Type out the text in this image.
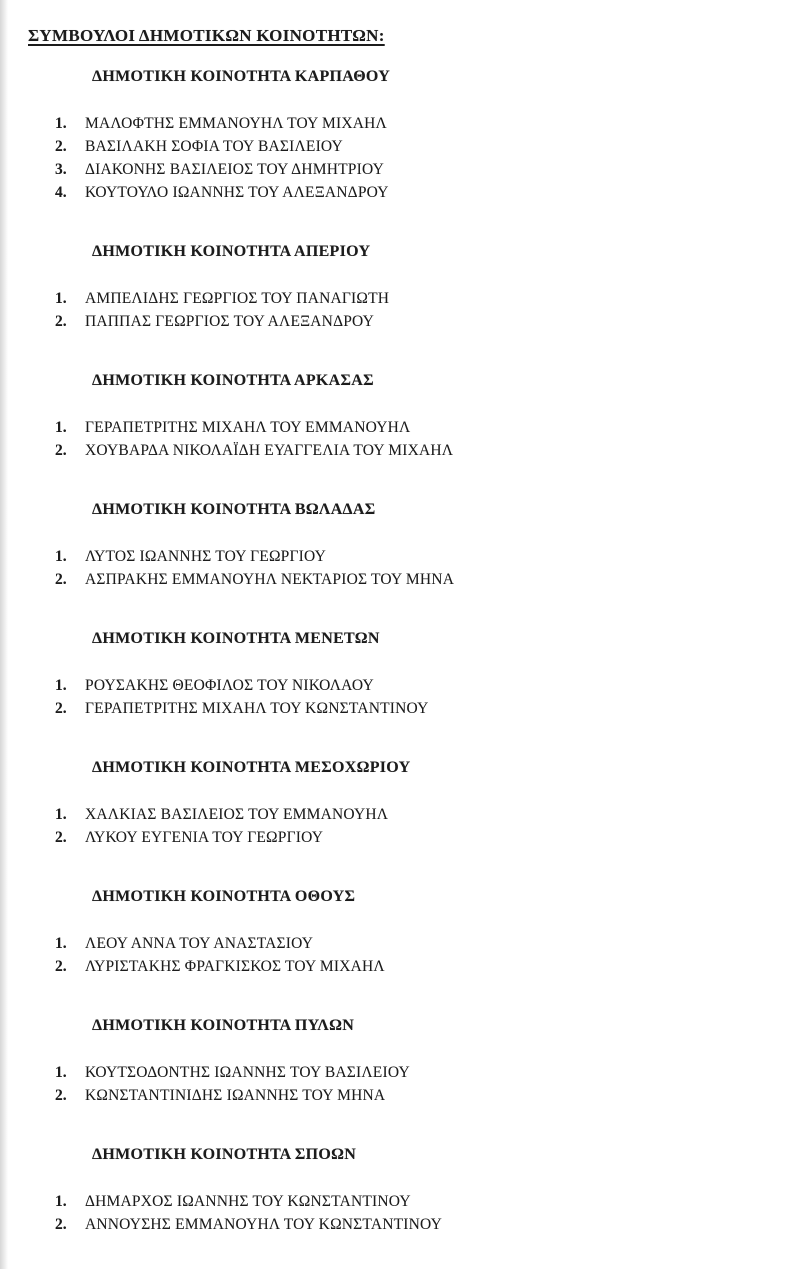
ΣΥΜΒΟΥΛΟΙ ΔΗΜΟΤΙΚΩΝ ΚΟΙΝΟΤΗΤΩΝ:
ΔΗΜΟΤΙΚΗ ΚΟΙΝΟΤΗΤΑ ΚΑΡΠΑΘΟΥ
1.	ΜΑΛΟΦΤΗΣ ΕΜΜΑΝΟΥΗΛ ΤΟΥ ΜΙΧΑΗΛ
2.	ΒΑΣΙΛΑΚΗ ΣΟΦΙΑ ΤΟΥ ΒΑΣΙΛΕΙΟΥ
3.	ΔΙΑΚΟΝΗΣ ΒΑΣΙΛΕΙΟΣ ΤΟΥ ΔΗΜΗΤΡΙΟΥ
4.	ΚΟΥΤΟΥΛΟ ΙΩΑΝΝΗΣ ΤΟΥ ΑΛΕΞΑΝΔΡΟΥ
ΔΗΜΟΤΙΚΗ ΚΟΙΝΟΤΗΤΑ ΑΠΕΡΙΟΥ
1.	ΑΜΠΕΛΙΔΗΣ ΓΕΩΡΓΙΟΣ ΤΟΥ ΠΑΝΑΓΙΩΤΗ
2.	ΠΑΠΠΑΣ ΓΕΩΡΓΙΟΣ ΤΟΥ ΑΛΕΞΑΝΔΡΟΥ
ΔΗΜΟΤΙΚΗ ΚΟΙΝΟΤΗΤΑ ΑΡΚΑΣΑΣ
1.	ΓΕΡΑΠΕΤΡΙΤΗΣ ΜΙΧΑΗΛ ΤΟΥ ΕΜΜΑΝΟΥΗΛ
2.	ΧΟΥΒΑΡΔΑ ΝΙΚΟΛΑΪΔΗ ΕΥΑΓΓΕΛΙΑ ΤΟΥ ΜΙΧΑΗΛ
ΔΗΜΟΤΙΚΗ ΚΟΙΝΟΤΗΤΑ ΒΩΛΑΔΑΣ
1.	ΛΥΤΟΣ ΙΩΑΝΝΗΣ ΤΟΥ ΓΕΩΡΓΙΟΥ
2.	ΑΣΠΡΑΚΗΣ ΕΜΜΑΝΟΥΗΛ ΝΕΚΤΑΡΙΟΣ ΤΟΥ ΜΗΝΑ
ΔΗΜΟΤΙΚΗ ΚΟΙΝΟΤΗΤΑ ΜΕΝΕΤΩΝ
1.	ΡΟΥΣΑΚΗΣ ΘΕΟΦΙΛΟΣ ΤΟΥ ΝΙΚΟΛΑΟΥ
2.	ΓΕΡΑΠΕΤΡΙΤΗΣ ΜΙΧΑΗΛ ΤΟΥ ΚΩΝΣΤΑΝΤΙΝΟΥ
ΔΗΜΟΤΙΚΗ ΚΟΙΝΟΤΗΤΑ ΜΕΣΟΧΩΡΙΟΥ
1.	ΧΑΛΚΙΑΣ ΒΑΣΙΛΕΙΟΣ ΤΟΥ ΕΜΜΑΝΟΥΗΛ
2.	ΛΥΚΟΥ ΕΥΓΕΝΙΑ ΤΟΥ ΓΕΩΡΓΙΟΥ
ΔΗΜΟΤΙΚΗ ΚΟΙΝΟΤΗΤΑ ΟΘΟΥΣ
1.	ΛΕΟΥ ΑΝΝΑ ΤΟΥ ΑΝΑΣΤΑΣΙΟΥ
2.	ΛΥΡΙΣΤΑΚΗΣ ΦΡΑΓΚΙΣΚΟΣ ΤΟΥ ΜΙΧΑΗΛ
ΔΗΜΟΤΙΚΗ ΚΟΙΝΟΤΗΤΑ ΠΥΛΩΝ
1.	ΚΟΥΤΣΟΔΟΝΤΗΣ ΙΩΑΝΝΗΣ ΤΟΥ ΒΑΣΙΛΕΙΟΥ
2.	ΚΩΝΣΤΑΝΤΙΝΙΔΗΣ ΙΩΑΝΝΗΣ ΤΟΥ ΜΗΝΑ
ΔΗΜΟΤΙΚΗ ΚΟΙΝΟΤΗΤΑ ΣΠΟΩΝ
1.	ΔΗΜΑΡΧΟΣ ΙΩΑΝΝΗΣ ΤΟΥ ΚΩΝΣΤΑΝΤΙΝΟΥ
2.	ΑΝΝΟΥΣΗΣ ΕΜΜΑΝΟΥΗΛ ΤΟΥ ΚΩΝΣΤΑΝΤΙΝΟΥ
